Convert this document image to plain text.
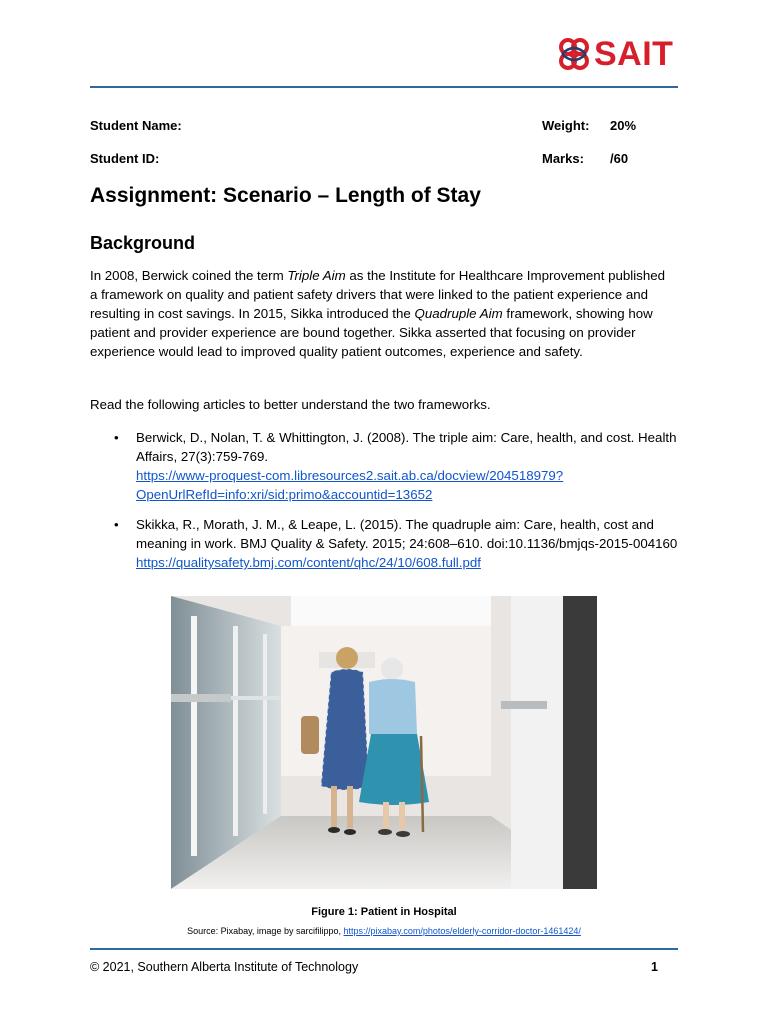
SAIT
Student Name:
Student ID:
Weight: 20%
Marks: /60
Assignment: Scenario – Length of Stay
Background

In 2008, Berwick coined the term Triple Aim as the Institute for Healthcare Improvement published a framework on quality and patient safety drivers that were linked to the patient experience and resulting in cost savings. In 2015, Sikka introduced the Quadruple Aim framework, showing how patient and provider experience are bound together. Sikka asserted that focusing on provider experience would lead to improved quality patient outcomes, experience and safety.

Read the following articles to better understand the two frameworks.

• Berwick, D., Nolan, T. & Whittington, J. (2008). The triple aim: Care, health, and cost. Health Affairs, 27(3):759-769.
https://www-proquest-com.libresources2.sait.ab.ca/docview/204518979?
OpenUrlRefId=info:xri/sid:primo&accountid=13652
• Skikka, R., Morath, J. M., & Leape, L. (2015). The quadruple aim: Care, health, cost and meaning in work. BMJ Quality & Safety. 2015; 24:608–610. doi:10.1136/bmjqs-2015-004160 https://qualitysafety.bmj.com/content/qhc/24/10/608.full.pdf
Figure 1: Patient in Hospital
Source: Pixabay, image by sarcifilippo, https://pixabay.com/photos/elderly-corridor-doctor-1461424/
© 2021, Southern Alberta Institute of Technology	1
